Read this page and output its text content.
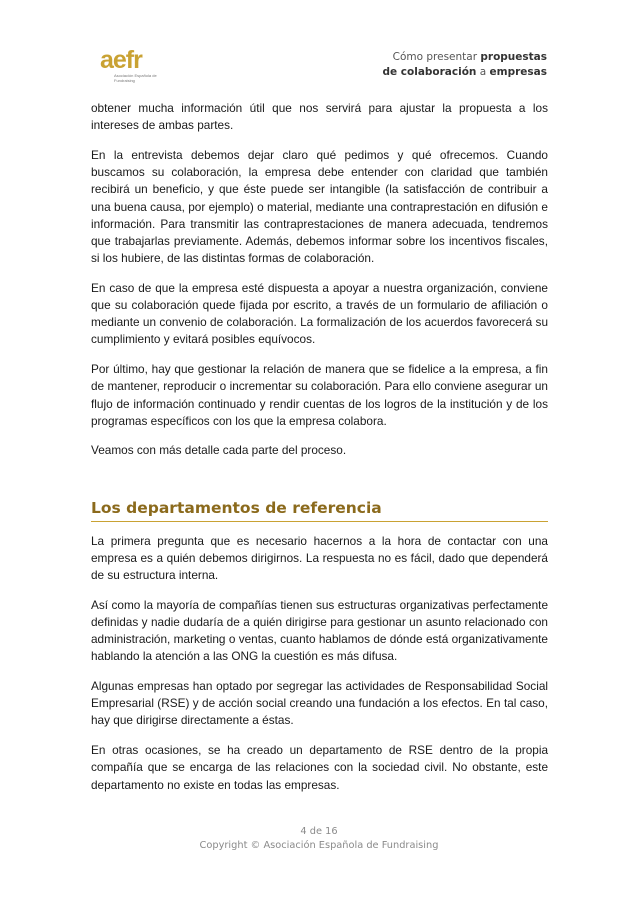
aefr
Asociación Española de Fundraising
Cómo presentar propuestas
de colaboración a empresas

obtener mucha información útil que nos servirá para ajustar la propuesta a los intereses de ambas partes.

En la entrevista debemos dejar claro qué pedimos y qué ofrecemos. Cuando buscamos su colaboración, la empresa debe entender con claridad que también recibirá un beneficio, y que éste puede ser intangible (la satisfacción de contribuir a una buena causa, por ejemplo) o material, mediante una contraprestación en difusión e información. Para transmitir las contraprestaciones de manera adecuada, tendremos que trabajarlas previamente. Además, debemos informar sobre los incentivos fiscales, si los hubiere, de las distintas formas de colaboración.

En caso de que la empresa esté dispuesta a apoyar a nuestra organización, conviene que su colaboración quede fijada por escrito, a través de un formulario de afiliación o mediante un convenio de colaboración. La formalización de los acuerdos favorecerá su cumplimiento y evitará posibles equívocos.

Por último, hay que gestionar la relación de manera que se fidelice a la empresa, a fin de mantener, reproducir o incrementar su colaboración. Para ello conviene asegurar un flujo de información continuado y rendir cuentas de los logros de la institución y de los programas específicos con los que la empresa colabora.

Veamos con más detalle cada parte del proceso.

Los departamentos de referencia

La primera pregunta que es necesario hacernos a la hora de contactar con una empresa es a quién debemos dirigirnos. La respuesta no es fácil, dado que dependerá de su estructura interna.

Así como la mayoría de compañías tienen sus estructuras organizativas perfectamente definidas y nadie dudaría de a quién dirigirse para gestionar un asunto relacionado con administración, marketing o ventas, cuanto hablamos de dónde está organizativamente hablando la atención a las ONG la cuestión es más difusa.

Algunas empresas han optado por segregar las actividades de Responsabilidad Social Empresarial (RSE) y de acción social creando una fundación a los efectos. En tal caso, hay que dirigirse directamente a éstas.

En otras ocasiones, se ha creado un departamento de RSE dentro de la propia compañía que se encarga de las relaciones con la sociedad civil. No obstante, este departamento no existe en todas las empresas.

4 de 16
Copyright © Asociación Española de Fundraising
